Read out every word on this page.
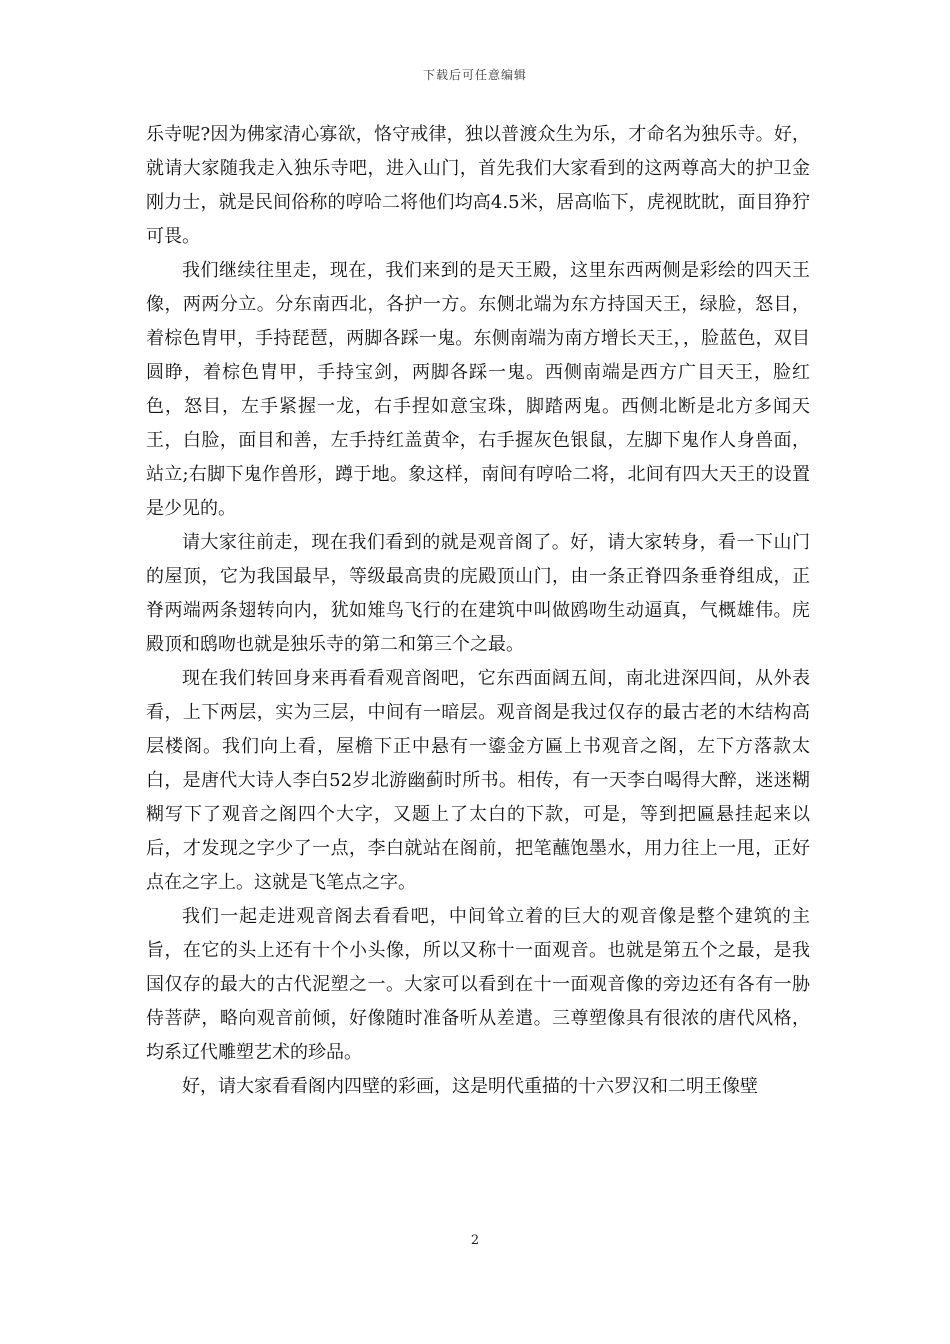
下载后可任意编辑

乐寺呢?因为佛家清心寡欲，恪守戒律，独以普渡众生为乐，才命名为独乐寺。好，就请大家随我走入独乐寺吧，进入山门，首先我们大家看到的这两尊高大的护卫金刚力士，就是民间俗称的哼哈二将他们均高4.5米，居高临下，虎视眈眈，面目狰狞可畏。

我们继续往里走，现在，我们来到的是天王殿，这里东西两侧是彩绘的四天王像，两两分立。分东南西北，各护一方。东侧北端为东方持国天王，绿脸，怒目，着棕色胄甲，手持琵琶，两脚各踩一鬼。东侧南端为南方增长天王，，脸蓝色，双目圆睁，着棕色胄甲，手持宝剑，两脚各踩一鬼。西侧南端是西方广目天王，脸红色，怒目，左手紧握一龙，右手捏如意宝珠，脚踏两鬼。西侧北断是北方多闻天王，白脸，面目和善，左手持红盖黄伞，右手握灰色银鼠，左脚下鬼作人身兽面，站立;右脚下鬼作兽形，蹲于地。象这样，南间有哼哈二将，北间有四大天王的设置是少见的。

请大家往前走，现在我们看到的就是观音阁了。好，请大家转身，看一下山门的屋顶，它为我国最早，等级最高贵的庑殿顶山门，由一条正脊四条垂脊组成，正脊两端两条翅转向内，犹如雉鸟飞行的在建筑中叫做鸥吻生动逼真，气概雄伟。庑殿顶和鸱吻也就是独乐寺的第二和第三个之最。

现在我们转回身来再看看观音阁吧，它东西面阔五间，南北进深四间，从外表看，上下两层，实为三层，中间有一暗层。观音阁是我过仅存的最古老的木结构高层楼阁。我们向上看，屋檐下正中悬有一鎏金方匾上书观音之阁，左下方落款太白，是唐代大诗人李白52岁北游幽蓟时所书。相传，有一天李白喝得大醉，迷迷糊糊写下了观音之阁四个大字，又题上了太白的下款，可是，等到把匾悬挂起来以后，才发现之字少了一点，李白就站在阁前，把笔蘸饱墨水，用力往上一甩，正好点在之字上。这就是飞笔点之字。

我们一起走进观音阁去看看吧，中间耸立着的巨大的观音像是整个建筑的主旨，在它的头上还有十个小头像，所以又称十一面观音。也就是第五个之最，是我国仅存的最大的古代泥塑之一。大家可以看到在十一面观音像的旁边还有各有一胁侍菩萨，略向观音前倾，好像随时准备听从差遣。三尊塑像具有很浓的唐代风格，均系辽代雕塑艺术的珍品。

好，请大家看看阁内四壁的彩画，这是明代重描的十六罗汉和二明王像壁

2
